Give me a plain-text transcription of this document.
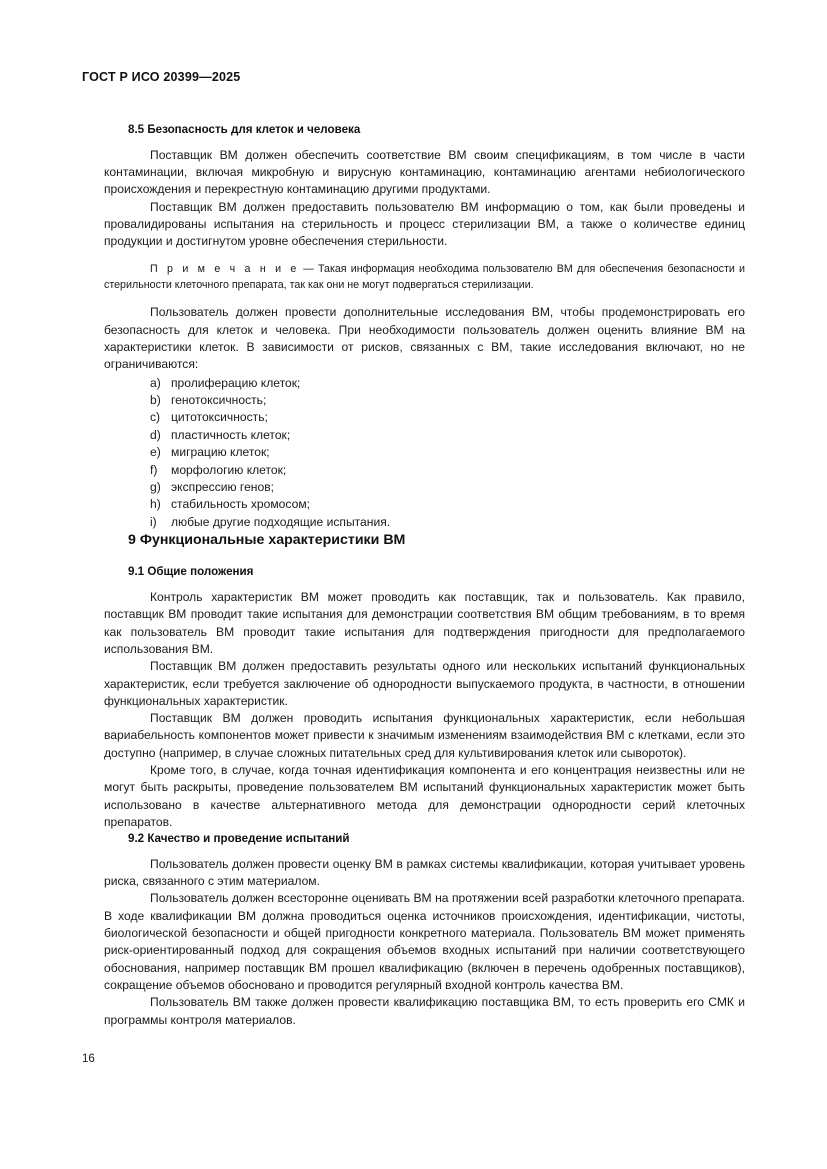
ГОСТ Р ИСО 20399—2025
8.5 Безопасность для клеток и человека

Поставщик ВМ должен обеспечить соответствие ВМ своим спецификациям, в том числе в части контаминации, включая микробную и вирусную контаминацию, контаминацию агентами небиологического происхождения и перекрестную контаминацию другими продуктами.

Поставщик ВМ должен предоставить пользователю ВМ информацию о том, как были проведены и провалидированы испытания на стерильность и процесс стерилизации ВМ, а также о количестве единиц продукции и достигнутом уровне обеспечения стерильности.

П р и м е ч а н и е — Такая информация необходима пользователю ВМ для обеспечения безопасности и стерильности клеточного препарата, так как они не могут подвергаться стерилизации.

Пользователь должен провести дополнительные исследования ВМ, чтобы продемонстрировать его безопасность для клеток и человека. При необходимости пользователь должен оценить влияние ВМ на характеристики клеток. В зависимости от рисков, связанных с ВМ, такие исследования включают, но не ограничиваются:

a) пролиферацию клеток;
b) генотоксичность;
c) цитотоксичность;
d) пластичность клеток;
e) миграцию клеток;
f)	морфологию клеток;
g) экспрессию генов;
h) стабильность хромосом;
i)	любые другие подходящие испытания.
9 Функциональные характеристики ВМ
9.1 Общие положения

Контроль характеристик ВМ может проводить как поставщик, так и пользователь. Как правило, поставщик ВМ проводит такие испытания для демонстрации соответствия ВМ общим требованиям, в то время как пользователь ВМ проводит такие испытания для подтверждения пригодности для предполагаемого использования ВМ.

Поставщик ВМ должен предоставить результаты одного или нескольких испытаний функциональных характеристик, если требуется заключение об однородности выпускаемого продукта, в частности, в отношении функциональных характеристик.

Поставщик ВМ должен проводить испытания функциональных характеристик, если небольшая вариабельность компонентов может привести к значимым изменениям взаимодействия ВМ с клетками, если это доступно (например, в случае сложных питательных сред для культивирования клеток или сывороток).

Кроме того, в случае, когда точная идентификация компонента и его концентрация неизвестны или не могут быть раскрыты, проведение пользователем ВМ испытаний функциональных характеристик может быть использовано в качестве альтернативного метода для демонстрации однородности серий клеточных препаратов.

9.2 Качество и проведение испытаний

Пользователь должен провести оценку ВМ в рамках системы квалификации, которая учитывает уровень риска, связанного с этим материалом.

Пользователь должен всесторонне оценивать ВМ на протяжении всей разработки клеточного препарата. В ходе квалификации ВМ должна проводиться оценка источников происхождения, идентификации, чистоты, биологической безопасности и общей пригодности конкретного материала. Пользователь ВМ может применять риск-ориентированный подход для сокращения объемов входных испытаний при наличии соответствующего обоснования, например поставщик ВМ прошел квалификацию (включен в перечень одобренных поставщиков), сокращение объемов обосновано и проводится регулярный входной контроль качества ВМ.

Пользователь ВМ также должен провести квалификацию поставщика ВМ, то есть проверить его СМК и программы контроля материалов.

16
